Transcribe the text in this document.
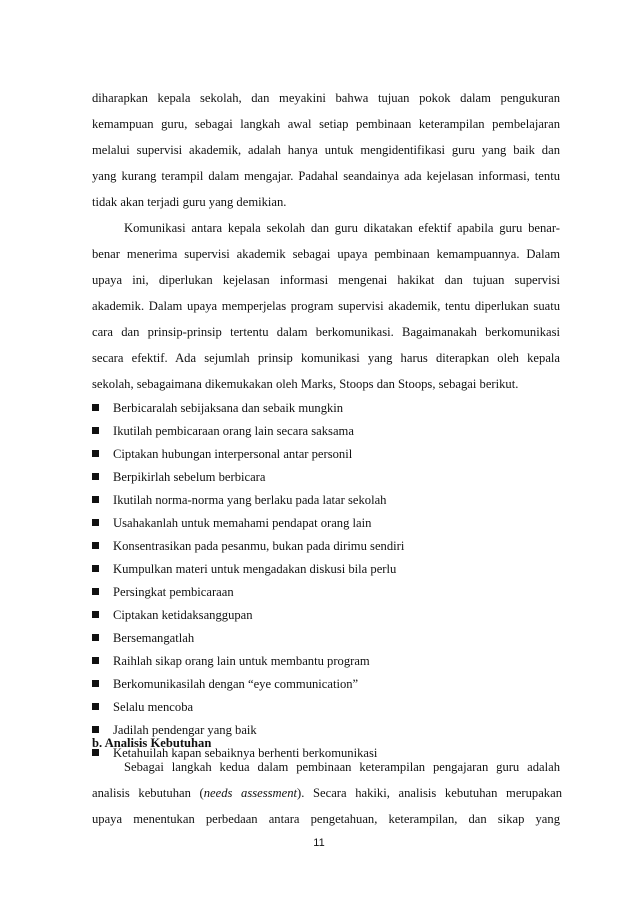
diharapkan kepala sekolah, dan meyakini bahwa tujuan pokok dalam pengukuran
kemampuan guru, sebagai langkah awal setiap pembinaan keterampilan pembelajaran
melalui supervisi akademik, adalah hanya untuk mengidentifikasi guru yang baik dan
yang kurang terampil dalam mengajar. Padahal seandainya ada kejelasan informasi, tentu
tidak akan terjadi guru yang demikian.
Komunikasi antara kepala sekolah dan guru dikatakan efektif apabila guru benar-
benar menerima supervisi akademik sebagai upaya pembinaan kemampuannya. Dalam
upaya ini, diperlukan kejelasan informasi mengenai hakikat dan tujuan supervisi
akademik. Dalam upaya memperjelas program supervisi akademik, tentu diperlukan suatu
cara dan prinsip-prinsip tertentu dalam berkomunikasi. Bagaimanakah berkomunikasi
secara efektif. Ada sejumlah prinsip komunikasi yang harus diterapkan oleh kepala
sekolah, sebagaimana dikemukakan oleh Marks, Stoops dan Stoops, sebagai berikut.
Berbicaralah sebijaksana dan sebaik mungkin
Ikutilah pembicaraan orang lain secara saksama
Ciptakan hubungan interpersonal antar personil
Berpikirlah sebelum berbicara
Ikutilah norma-norma yang berlaku pada latar sekolah
Usahakanlah untuk memahami pendapat orang lain
Konsentrasikan pada pesanmu, bukan pada dirimu sendiri
Kumpulkan materi untuk mengadakan diskusi bila perlu
Persingkat pembicaraan
Ciptakan ketidaksanggupan
Bersemangatlah
Raihlah sikap orang lain untuk membantu program
Berkomunikasilah dengan “eye communication”
Selalu mencoba
Jadilah pendengar yang baik
Ketahuilah kapan sebaiknya berhenti berkomunikasi
b. Analisis Kebutuhan
Sebagai langkah kedua dalam pembinaan keterampilan pengajaran guru adalah
analisis kebutuhan (needs assessment). Secara hakiki, analisis kebutuhan merupakan
upaya menentukan perbedaan antara pengetahuan, keterampilan, dan sikap yang
11
